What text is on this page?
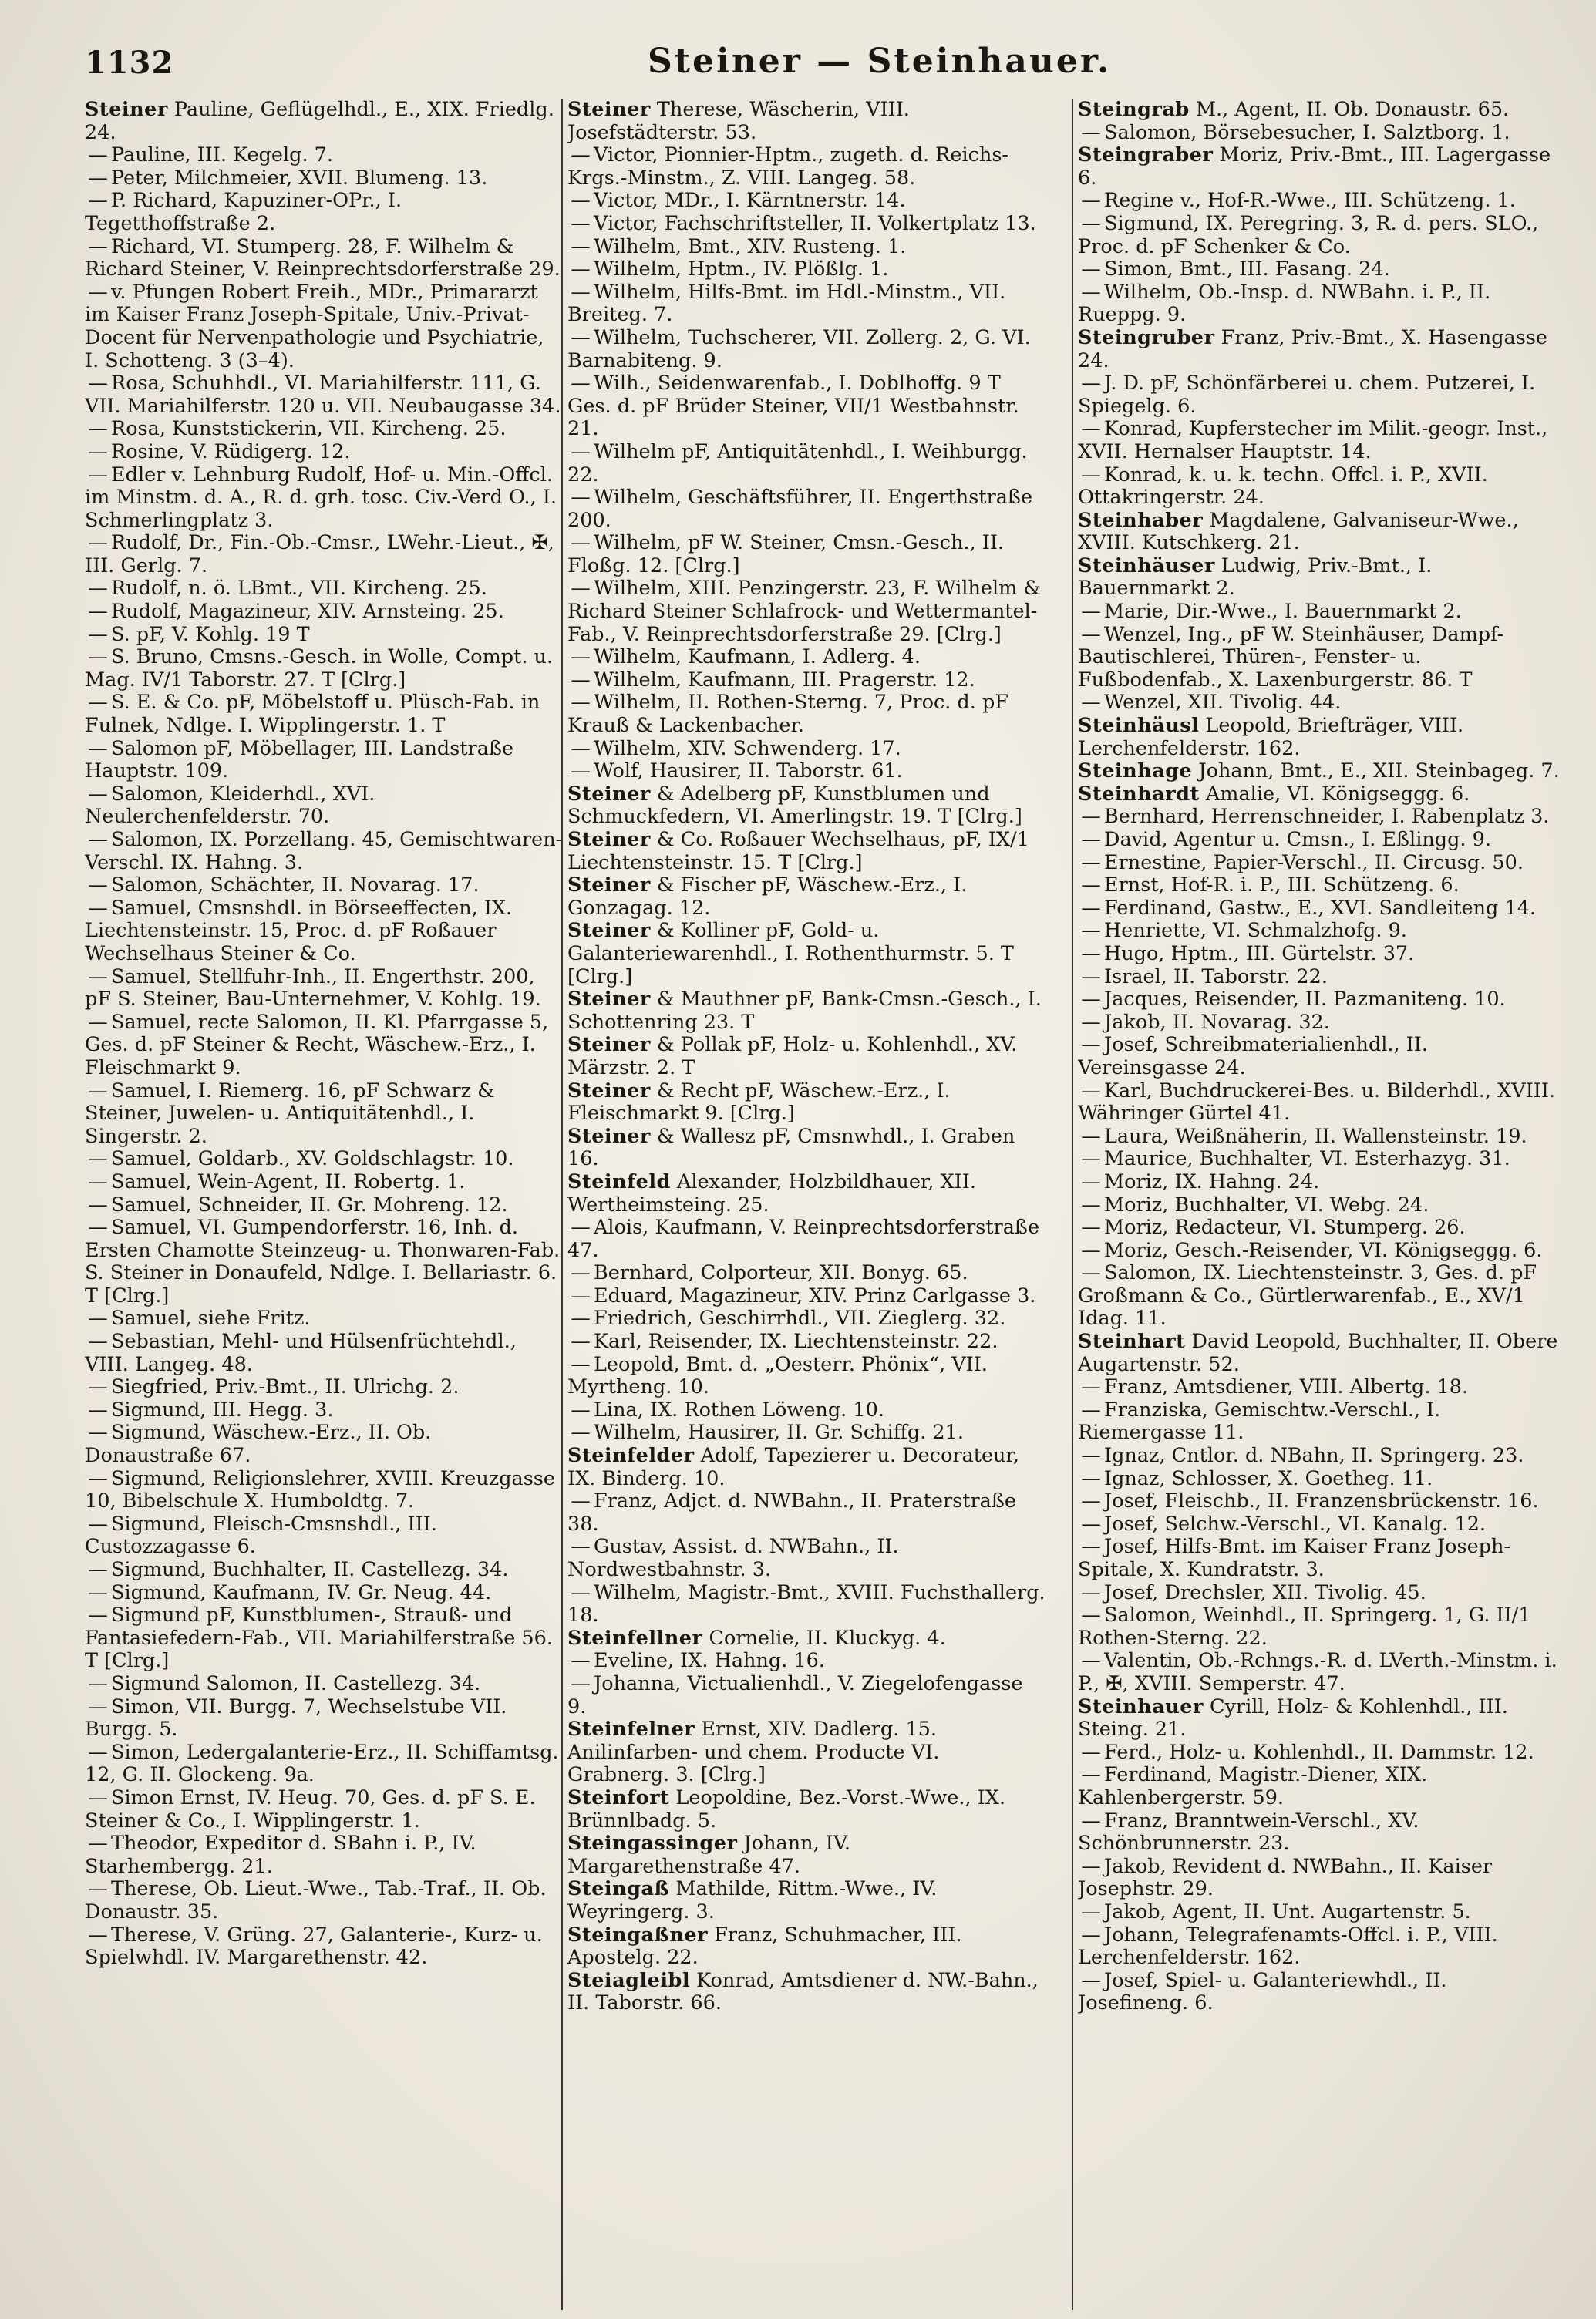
1132	Steiner — Steinhauer.
Steiner Pauline, Geflügelhdl., E., XIX. Friedlg. 24.
— Pauline, III. Kegelg. 7.
— Peter, Milchmeier, XVII. Blumeng. 13.
— P. Richard, Kapuziner-OPr., I. Tegetthoffstraße 2.
— Richard, VI. Stumperg. 28, F. Wilhelm & Richard Steiner, V. Reinprechtsdorferstraße 29.
— v. Pfungen Robert Freih., MDr., Primararzt im Kaiser Franz Joseph-Spitale, Univ.-Privat-Docent für Nervenpathologie und Psychiatrie, I. Schotteng. 3 (3–4).
— Rosa, Schuhhdl., VI. Mariahilferstr. 111, G. VII. Mariahilferstr. 120 u. VII. Neubaugasse 34.
— Rosa, Kunststickerin, VII. Kircheng. 25.
— Rosine, V. Rüdigerg. 12.
— Edler v. Lehnburg Rudolf, Hof- u. Min.-Offcl. im Minstm. d. A., R. d. grh. tosc. Civ.-Verd O., I. Schmerlingplatz 3.
— Rudolf, Dr., Fin.-Ob.-Cmsr., LWehr.-Lieut., ✠, III. Gerlg. 7.
— Rudolf, n. ö. LBmt., VII. Kircheng. 25.
— Rudolf, Magazineur, XIV. Arnsteing. 25.
— S. pF, V. Kohlg. 19 T
— S. Bruno, Cmsns.-Gesch. in Wolle, Compt. u. Mag. IV/1 Taborstr. 27. T [Clrg.]
— S. E. & Co. pF, Möbelstoff u. Plüsch-Fab. in Fulnek, Ndlge. I. Wipplingerstr. 1. T
— Salomon pF, Möbellager, III. Landstraße Hauptstr. 109.
— Salomon, Kleiderhdl., XVI. Neulerchenfelderstr. 70.
— Salomon, IX. Porzellang. 45, Gemischtwaren-Verschl. IX. Hahng. 3.
— Salomon, Schächter, II. Novarag. 17.
— Samuel, Cmsnshdl. in Börseeffecten, IX. Liechtensteinstr. 15, Proc. d. pF Roßauer Wechselhaus Steiner & Co.
— Samuel, Stellfuhr-Inh., II. Engerthstr. 200, pF S. Steiner, Bau-Unternehmer, V. Kohlg. 19.
— Samuel, recte Salomon, II. Kl. Pfarrgasse 5, Ges. d. pF Steiner & Recht, Wäschew.-Erz., I. Fleischmarkt 9.
— Samuel, I. Riemerg. 16, pF Schwarz & Steiner, Juwelen- u. Antiquitätenhdl., I. Singerstr. 2.
— Samuel, Goldarb., XV. Goldschlagstr. 10.
— Samuel, Wein-Agent, II. Robertg. 1.
— Samuel, Schneider, II. Gr. Mohreng. 12.
— Samuel, VI. Gumpendorferstr. 16, Inh. d. Ersten Chamotte Steinzeug- u. Thonwaren-Fab. S. Steiner in Donaufeld, Ndlge. I. Bellariastr. 6. T [Clrg.]
— Samuel, siehe Fritz.
— Sebastian, Mehl- und Hülsenfrüchtehdl., VIII. Langeg. 48.
— Siegfried, Priv.-Bmt., II. Ulrichg. 2.
— Sigmund, III. Hegg. 3.
— Sigmund, Wäschew.-Erz., II. Ob. Donaustraße 67.
— Sigmund, Religionslehrer, XVIII. Kreuzgasse 10, Bibelschule X. Humboldtg. 7.
— Sigmund, Fleisch-Cmsnshdl., III. Custozzagasse 6.
— Sigmund, Buchhalter, II. Castellezg. 34.
— Sigmund, Kaufmann, IV. Gr. Neug. 44.
— Sigmund pF, Kunstblumen-, Strauß- und Fantasiefedern-Fab., VII. Mariahilferstraße 56. T [Clrg.]
— Sigmund Salomon, II. Castellezg. 34.
— Simon, VII. Burgg. 7, Wechselstube VII. Burgg. 5.
— Simon, Ledergalanterie-Erz., II. Schiffamtsg. 12, G. II. Glockeng. 9a.
— Simon Ernst, IV. Heug. 70, Ges. d. pF S. E. Steiner & Co., I. Wipplingerstr. 1.
— Theodor, Expeditor d. SBahn i. P., IV. Starhembergg. 21.
— Therese, Ob. Lieut.-Wwe., Tab.-Traf., II. Ob. Donaustr. 35.
— Therese, V. Grüng. 27, Galanterie-, Kurz- u. Spielwhdl. IV. Margarethenstr. 42.
Steiner Therese, Wäscherin, VIII. Josefstädterstr. 53.
— Victor, Pionnier-Hptm., zugeth. d. Reichs-Krgs.-Minstm., Z. VIII. Langeg. 58.
— Victor, MDr., I. Kärntnerstr. 14.
— Victor, Fachschriftsteller, II. Volkertplatz 13.
— Wilhelm, Bmt., XIV. Rusteng. 1.
— Wilhelm, Hptm., IV. Plößlg. 1.
— Wilhelm, Hilfs-Bmt. im Hdl.-Minstm., VII. Breiteg. 7.
— Wilhelm, Tuchscherer, VII. Zollerg. 2, G. VI. Barnabiteng. 9.
— Wilh., Seidenwarenfab., I. Doblhoffg. 9 T Ges. d. pF Brüder Steiner, VII/1 Westbahnstr. 21.
— Wilhelm pF, Antiquitätenhdl., I. Weihburgg. 22.
— Wilhelm, Geschäftsführer, II. Engerthstraße 200.
— Wilhelm, pF W. Steiner, Cmsn.-Gesch., II. Floßg. 12. [Clrg.]
— Wilhelm, XIII. Penzingerstr. 23, F. Wilhelm & Richard Steiner Schlafrock- und Wettermantel-Fab., V. Reinprechtsdorferstraße 29. [Clrg.]
— Wilhelm, Kaufmann, I. Adlerg. 4.
— Wilhelm, Kaufmann, III. Pragerstr. 12.
— Wilhelm, II. Rothen-Sterng. 7, Proc. d. pF Krauß & Lackenbacher.
— Wilhelm, XIV. Schwenderg. 17.
— Wolf, Hausirer, II. Taborstr. 61.
Steiner & Adelberg pF, Kunstblumen und Schmuckfedern, VI. Amerlingstr. 19. T [Clrg.]
Steiner & Co. Roßauer Wechselhaus, pF, IX/1 Liechtensteinstr. 15. T [Clrg.]
Steiner & Fischer pF, Wäschew.-Erz., I. Gonzagag. 12.
Steiner & Kolliner pF, Gold- u. Galanteriewarenhdl., I. Rothenthurmstr. 5. T [Clrg.]
Steiner & Mauthner pF, Bank-Cmsn.-Gesch., I. Schottenring 23. T
Steiner & Pollak pF, Holz- u. Kohlenhdl., XV. Märzstr. 2. T
Steiner & Recht pF, Wäschew.-Erz., I. Fleischmarkt 9. [Clrg.]
Steiner & Wallesz pF, Cmsnwhdl., I. Graben 16.
Steinfeld Alexander, Holzbildhauer, XII. Wertheimsteing. 25.
— Alois, Kaufmann, V. Reinprechtsdorferstraße 47.
— Bernhard, Colporteur, XII. Bonyg. 65.
— Eduard, Magazineur, XIV. Prinz Carlgasse 3.
— Friedrich, Geschirrhdl., VII. Zieglerg. 32.
— Karl, Reisender, IX. Liechtensteinstr. 22.
— Leopold, Bmt. d. „Oesterr. Phönix“, VII. Myrtheng. 10.
— Lina, IX. Rothen Löweng. 10.
— Wilhelm, Hausirer, II. Gr. Schiffg. 21.
Steinfelder Adolf, Tapezierer u. Decorateur, IX. Binderg. 10.
— Franz, Adjct. d. NWBahn., II. Praterstraße 38.
— Gustav, Assist. d. NWBahn., II. Nordwestbahnstr. 3.
— Wilhelm, Magistr.-Bmt., XVIII. Fuchsthallerg. 18.
Steinfellner Cornelie, II. Kluckyg. 4.
— Eveline, IX. Hahng. 16.
— Johanna, Victualienhdl., V. Ziegelofengasse 9.
Steinfelner Ernst, XIV. Dadlerg. 15. Anilinfarben- und chem. Producte VI. Grabnerg. 3. [Clrg.]
Steinfort Leopoldine, Bez.-Vorst.-Wwe., IX. Brünnlbadg. 5.
Steingassinger Johann, IV. Margarethenstraße 47.
Steingaß Mathilde, Rittm.-Wwe., IV. Weyringerg. 3.
Steingaßner Franz, Schuhmacher, III. Apostelg. 22.
Steiagleibl Konrad, Amtsdiener d. NW.-Bahn., II. Taborstr. 66.
Steingrab M., Agent, II. Ob. Donaustr. 65.
— Salomon, Börsebesucher, I. Salztborg. 1.
Steingraber Moriz, Priv.-Bmt., III. Lagergasse 6.
— Regine v., Hof-R.-Wwe., III. Schützeng. 1.
— Sigmund, IX. Peregring. 3, R. d. pers. SLO., Proc. d. pF Schenker & Co.
— Simon, Bmt., III. Fasang. 24.
— Wilhelm, Ob.-Insp. d. NWBahn. i. P., II. Rueppg. 9.
Steingruber Franz, Priv.-Bmt., X. Hasengasse 24.
— J. D. pF, Schönfärberei u. chem. Putzerei, I. Spiegelg. 6.
— Konrad, Kupferstecher im Milit.-geogr. Inst., XVII. Hernalser Hauptstr. 14.
— Konrad, k. u. k. techn. Offcl. i. P., XVII. Ottakringerstr. 24.
Steinhaber Magdalene, Galvaniseur-Wwe., XVIII. Kutschkerg. 21.
Steinhäuser Ludwig, Priv.-Bmt., I. Bauernmarkt 2.
— Marie, Dir.-Wwe., I. Bauernmarkt 2.
— Wenzel, Ing., pF W. Steinhäuser, Dampf-Bautischlerei, Thüren-, Fenster- u. Fußbodenfab., X. Laxenburgerstr. 86. T
— Wenzel, XII. Tivolig. 44.
Steinhäusl Leopold, Briefträger, VIII. Lerchenfelderstr. 162.
Steinhage Johann, Bmt., E., XII. Steinbageg. 7.
Steinhardt Amalie, VI. Königseggg. 6.
— Bernhard, Herrenschneider, I. Rabenplatz 3.
— David, Agentur u. Cmsn., I. Eßlingg. 9.
— Ernestine, Papier-Verschl., II. Circusg. 50.
— Ernst, Hof-R. i. P., III. Schützeng. 6.
— Ferdinand, Gastw., E., XVI. Sandleiteng 14.
— Henriette, VI. Schmalzhofg. 9.
— Hugo, Hptm., III. Gürtelstr. 37.
— Israel, II. Taborstr. 22.
— Jacques, Reisender, II. Pazmaniteng. 10.
— Jakob, II. Novarag. 32.
— Josef, Schreibmaterialienhdl., II. Vereinsgasse 24.
— Karl, Buchdruckerei-Bes. u. Bilderhdl., XVIII. Währinger Gürtel 41.
— Laura, Weißnäherin, II. Wallensteinstr. 19.
— Maurice, Buchhalter, VI. Esterhazyg. 31.
— Moriz, IX. Hahng. 24.
— Moriz, Buchhalter, VI. Webg. 24.
— Moriz, Redacteur, VI. Stumperg. 26.
— Moriz, Gesch.-Reisender, VI. Königseggg. 6.
— Salomon, IX. Liechtensteinstr. 3, Ges. d. pF Großmann & Co., Gürtlerwarenfab., E., XV/1 Idag. 11.
Steinhart David Leopold, Buchhalter, II. Obere Augartenstr. 52.
— Franz, Amtsdiener, VIII. Albertg. 18.
— Franziska, Gemischtw.-Verschl., I. Riemergasse 11.
— Ignaz, Cntlor. d. NBahn, II. Springerg. 23.
— Ignaz, Schlosser, X. Goetheg. 11.
— Josef, Fleischb., II. Franzensbrückenstr. 16.
— Josef, Selchw.-Verschl., VI. Kanalg. 12.
— Josef, Hilfs-Bmt. im Kaiser Franz Joseph-Spitale, X. Kundratstr. 3.
— Josef, Drechsler, XII. Tivolig. 45.
— Salomon, Weinhdl., II. Springerg. 1, G. II/1 Rothen-Sterng. 22.
— Valentin, Ob.-Rchngs.-R. d. LVerth.-Minstm. i. P., ✠, XVIII. Semperstr. 47.
Steinhauer Cyrill, Holz- & Kohlenhdl., III. Steing. 21.
— Ferd., Holz- u. Kohlenhdl., II. Dammstr. 12.
— Ferdinand, Magistr.-Diener, XIX. Kahlenbergerstr. 59.
— Franz, Branntwein-Verschl., XV. Schönbrunnerstr. 23.
— Jakob, Revident d. NWBahn., II. Kaiser Josephstr. 29.
— Jakob, Agent, II. Unt. Augartenstr. 5.
— Johann, Telegrafenamts-Offcl. i. P., VIII. Lerchenfelderstr. 162.
— Josef, Spiel- u. Galanteriewhdl., II. Josefineng. 6.
